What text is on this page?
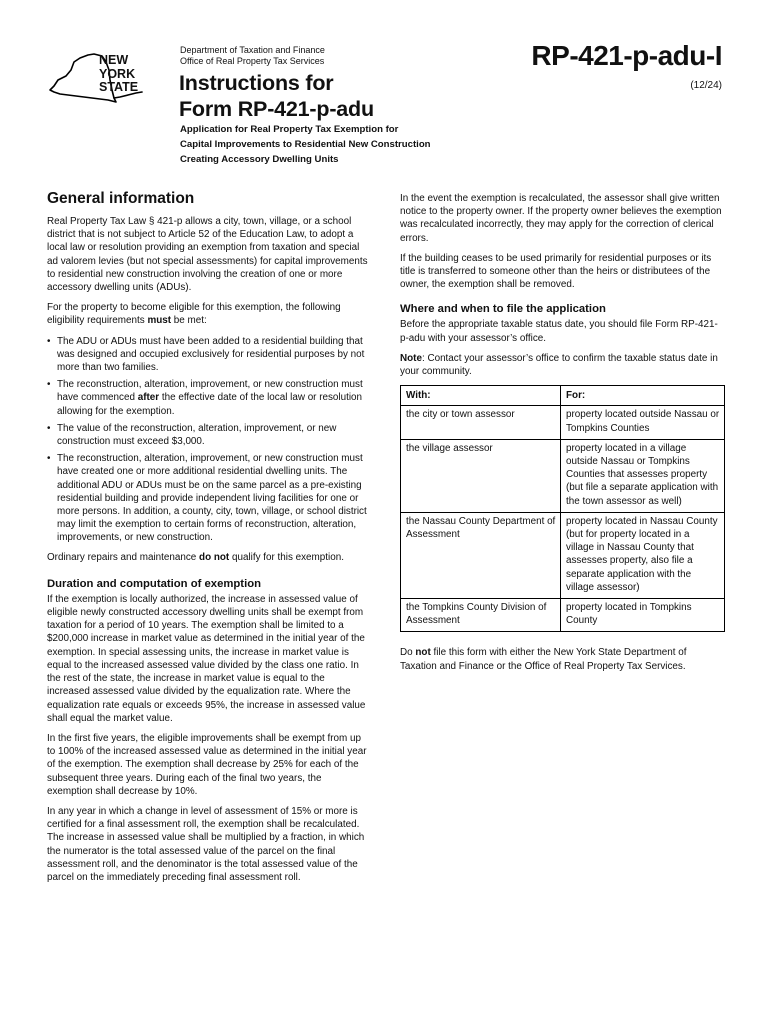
NEW
YORK
STATE
Department of Taxation and Finance
Office of Real Property Tax Services
Instructions for
Form RP-421-p-adu
RP-421-p-adu-I
(12/24)
Application for Real Property Tax Exemption for
Capital Improvements to Residential New Construction
Creating Accessory Dwelling Units
General information

Real Property Tax Law § 421-p allows a city, town, village, or a school district that is not subject to Article 52 of the Education Law, to adopt a local law or resolution providing an exemption from taxation and special ad valorem levies (but not special assessments) for capital improvements to residential new construction involving the creation of one or more accessory dwelling units (ADUs).

For the property to become eligible for this exemption, the following eligibility requirements must be met:

• The ADU or ADUs must have been added to a residential building that was designed and occupied exclusively for residential purposes by not more than two families.
• The reconstruction, alteration, improvement, or new construction must have commenced after the effective date of the local law or resolution allowing for the exemption.
• The value of the reconstruction, alteration, improvement, or new construction must exceed $3,000.
• The reconstruction, alteration, improvement, or new construction must have created one or more additional residential dwelling units. The additional ADU or ADUs must be on the same parcel as a pre-existing residential building and provide independent living facilities for one or more persons. In addition, a county, city, town, village, or school district may limit the exemption to certain forms of reconstruction, alteration, improvements, or new construction.

Ordinary repairs and maintenance do not qualify for this exemption.

Duration and computation of exemption

If the exemption is locally authorized, the increase in assessed value of eligible newly constructed accessory dwelling units shall be exempt from taxation for a period of 10 years. The exemption shall be limited to a $200,000 increase in market value as determined in the initial year of the exemption. In special assessing units, the increase in market value is equal to the increased assessed value divided by the class one ratio. In the rest of the state, the increase in market value is equal to the increased assessed value divided by the equalization rate. Where the equalization rate equals or exceeds 95%, the increase in assessed value shall equal the market value.

In the first five years, the eligible improvements shall be exempt from up to 100% of the increased assessed value as determined in the initial year of the exemption. The exemption shall decrease by 25% for each of the subsequent three years. During each of the final two years, the exemption shall decrease by 10%.

In any year in which a change in level of assessment of 15% or more is certified for a final assessment roll, the exemption shall be recalculated. The increase in assessed value shall be multiplied by a fraction, in which the numerator is the total assessed value of the parcel on the final assessment roll, and the denominator is the total assessed value of the parcel on the immediately preceding final assessment roll.

In the event the exemption is recalculated, the assessor shall give written notice to the property owner. If the property owner believes the exemption was recalculated incorrectly, they may apply for the correction of clerical errors.

If the building ceases to be used primarily for residential purposes or its title is transferred to someone other than the heirs or distributees of the owner, the exemption shall be removed.

Where and when to file the application

Before the appropriate taxable status date, you should file Form RP-421-p-adu with your assessor’s office.

Note: Contact your assessor’s office to confirm the taxable status date in your community.

With:	For:
the city or town assessor	property located outside Nassau or Tompkins Counties
the village assessor	property located in a village outside Nassau or Tompkins Counties that assesses property (but file a separate application with the town assessor as well)
the Nassau County Department of Assessment	property located in Nassau County (but for property located in a village in Nassau County that assesses property, also file a separate application with the village assessor)
the Tompkins County Division of Assessment	property located in Tompkins County

Do not file this form with either the New York State Department of Taxation and Finance or the Office of Real Property Tax Services.
